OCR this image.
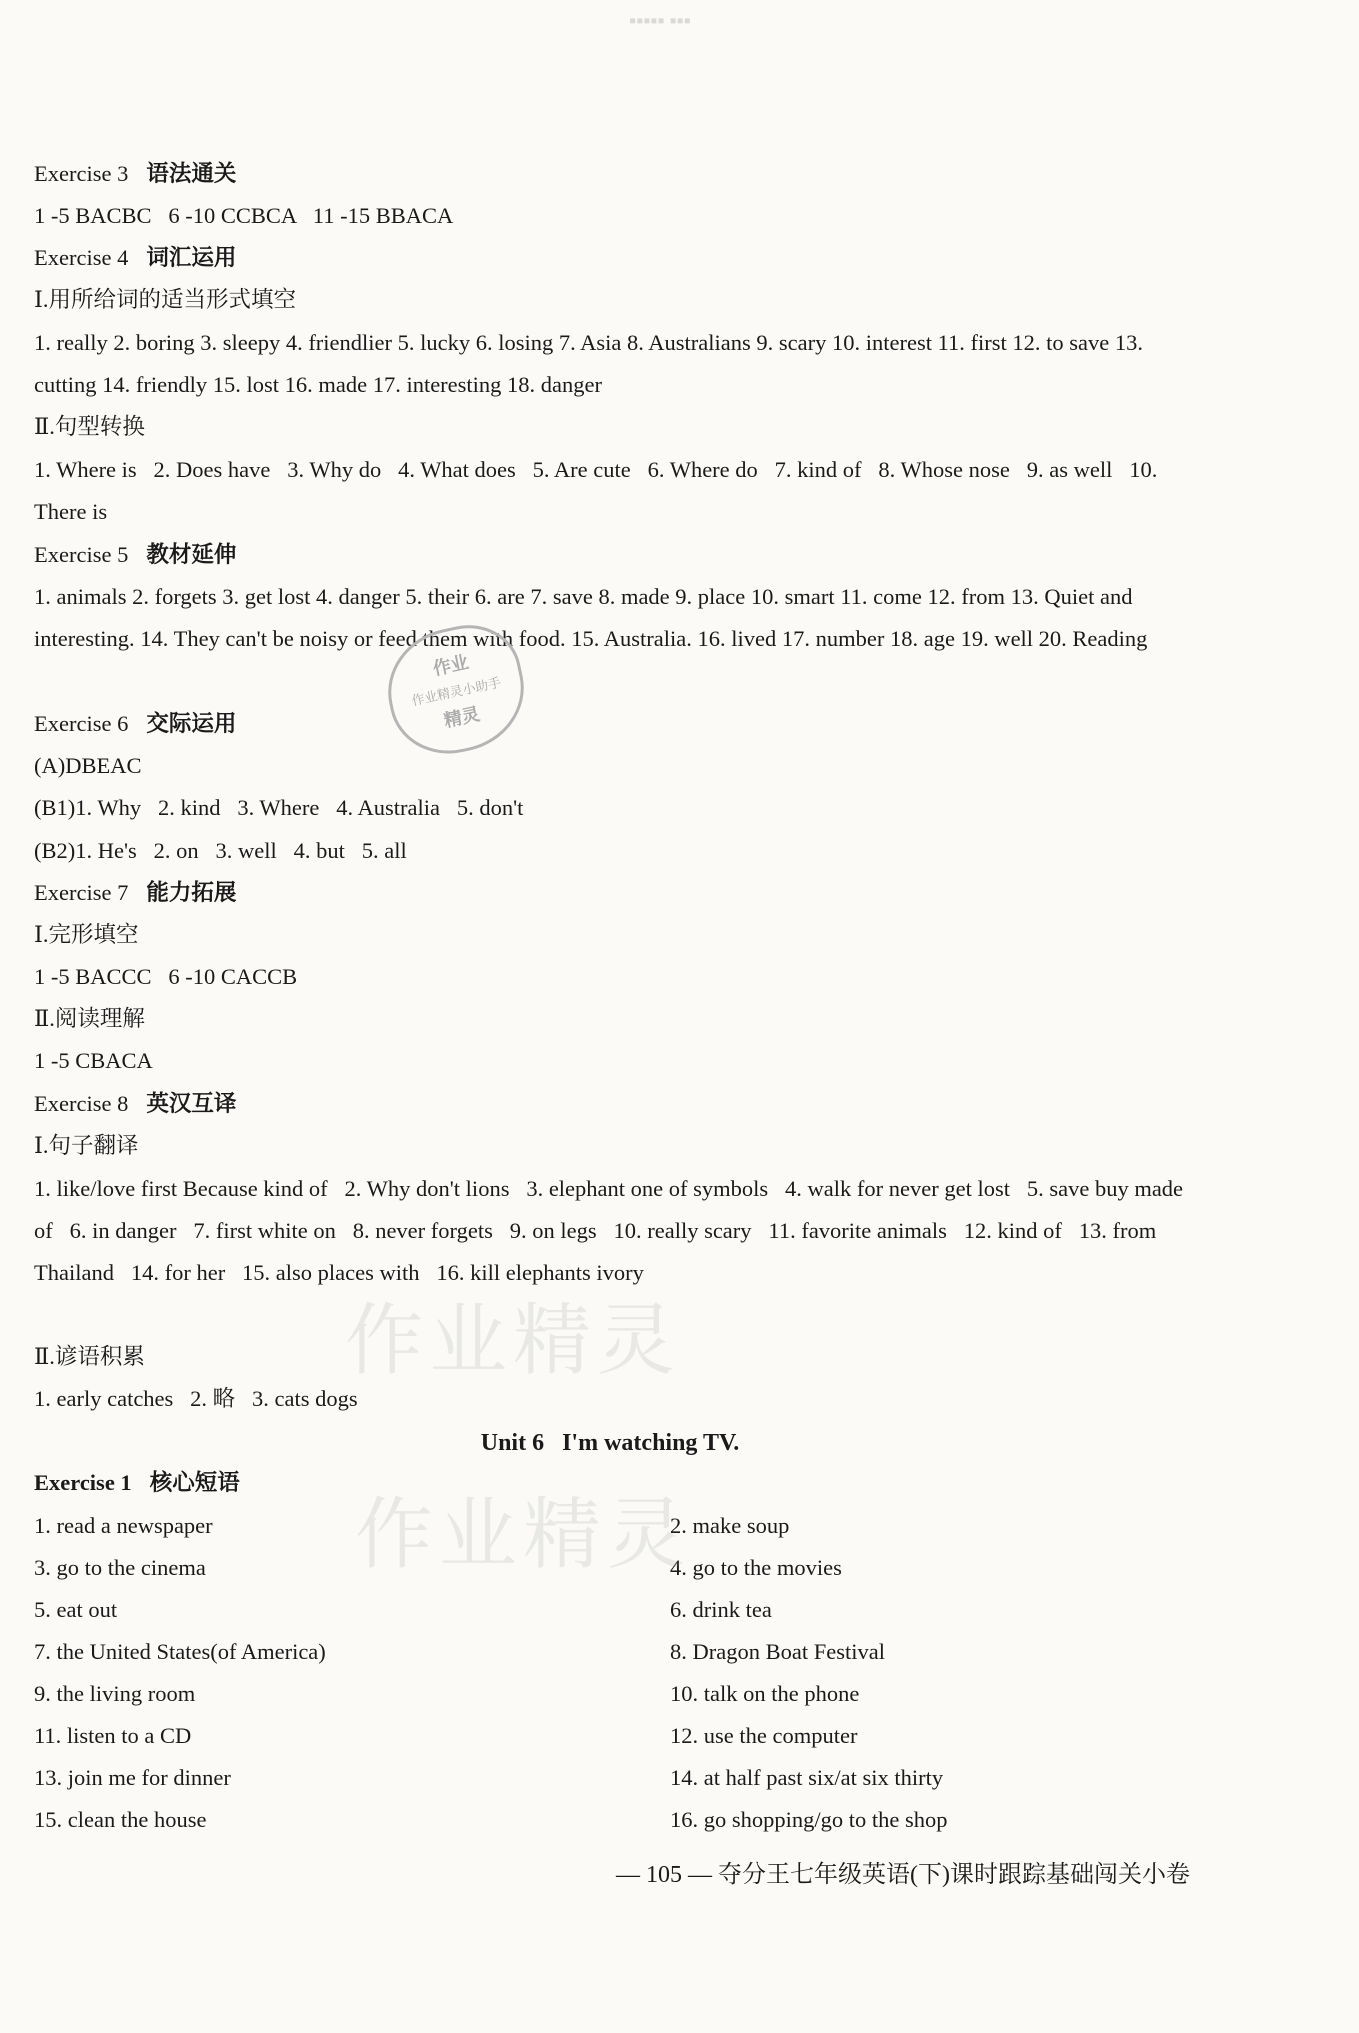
▪▪▪▪▪ ▪▪▪
Exercise 3 语法通关
1 -5 BACBC   6 -10 CCBCA   11 -15 BBACA
Exercise 4 词汇运用
Ⅰ.用所给词的适当形式填空
1. really 2. boring 3. sleepy 4. friendlier 5. lucky 6. losing 7. Asia 8. Australians 9. scary 10. interest 11. first 12. to save 13. cutting 14. friendly 15. lost 16. made 17. interesting 18. danger
Ⅱ.句型转换
1. Where is   2. Does have   3. Why do   4. What does   5. Are cute   6. Where do   7. kind of   8. Whose nose   9. as well   10. There is
Exercise 5 教材延伸
1. animals 2. forgets 3. get lost 4. danger 5. their 6. are 7. save 8. made 9. place 10. smart 11. come 12. from 13. Quiet and interesting. 14. They can't be noisy or feed them with food. 15. Australia. 16. lived 17. number 18. age 19. well 20. Reading
Exercise 6 交际运用
(A)DBEAC
(B1)1. Why   2. kind   3. Where   4. Australia   5. don't
(B2)1. He's   2. on   3. well   4. but   5. all
Exercise 7 能力拓展
Ⅰ.完形填空
1 -5 BACCC   6 -10 CACCB
Ⅱ.阅读理解
1 -5 CBACA
Exercise 8 英汉互译
Ⅰ.句子翻译
1. like/love first Because kind of   2. Why don't lions   3. elephant one of symbols   4. walk for never get lost   5. save buy made of   6. in danger   7. first white on   8. never forgets   9. on legs   10. really scary   11. favorite animals   12. kind of   13. from Thailand   14. for her   15. also places with   16. kill elephants ivory
Ⅱ.谚语积累
1. early catches   2. 略   3. cats dogs
Unit 6   I'm watching TV.
Exercise 1 核心短语
1. read a newspaper	2. make soup
3. go to the cinema	4. go to the movies
5. eat out	6. drink tea
7. the United States(of America)	8. Dragon Boat Festival
9. the living room	10. talk on the phone
11. listen to a CD	12. use the computer
13. join me for dinner	14. at half past six/at six thirty
15. clean the house	16. go shopping/go to the shop
作业
作业精灵小助手
精灵
作业精灵
作业精灵
— 105 — 夺分王七年级英语(下)课时跟踪基础闯关小卷
